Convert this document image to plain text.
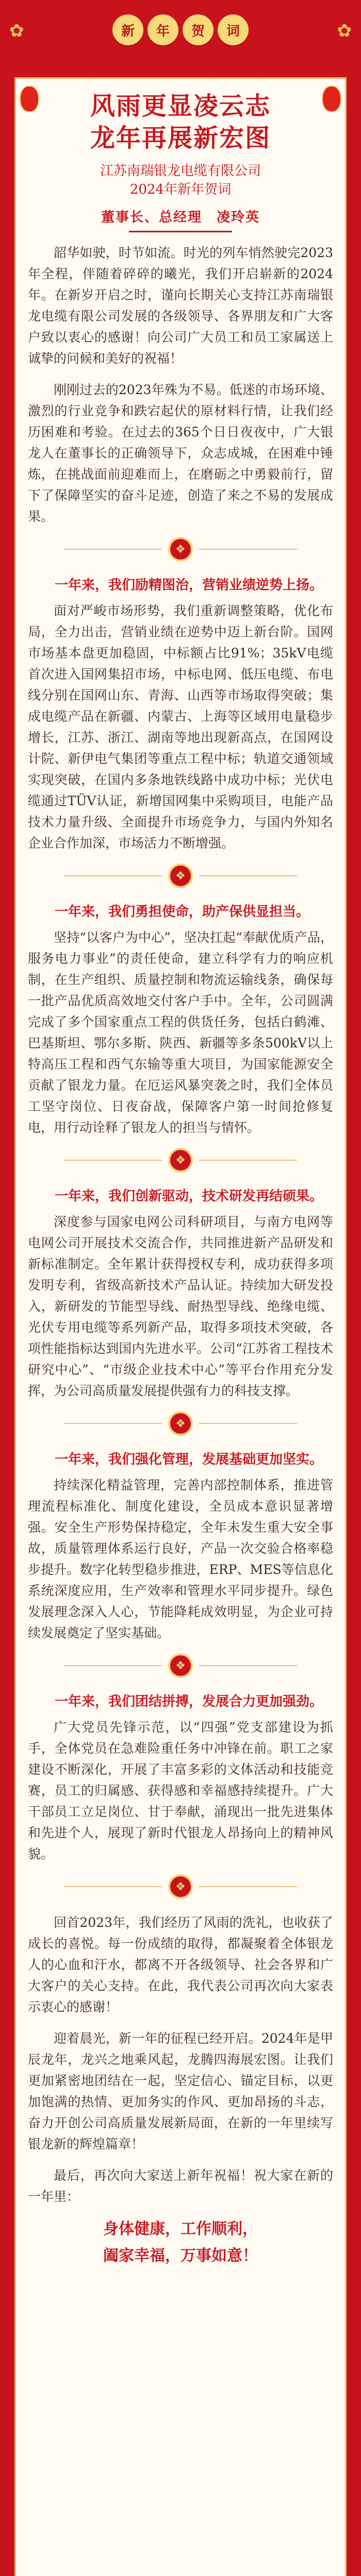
✿	✿
新	年	贺	词
风雨更显凌云志
龙年再展新宏图
江苏南瑞银龙电缆有限公司
2024年新年贺词
董事长、总经理　凌玲英

韶华如驶，时节如流。时光的列车悄然驶完2023年全程，伴随着碎碎的曦光，我们开启崭新的2024年。在新岁开启之时，谨向长期关心支持江苏南瑞银龙电缆有限公司发展的各级领导、各界朋友和广大客户致以衷心的感谢！向公司广大员工和员工家属送上诚挚的问候和美好的祝福！

刚刚过去的2023年殊为不易。低迷的市场环境、激烈的行业竞争和跌宕起伏的原材料行情，让我们经历困难和考验。在过去的365个日日夜夜中，广大银龙人在董事长的正确领导下，众志成城，在困难中锤炼，在挑战面前迎难而上，在磨砺之中勇毅前行，留下了保障坚实的奋斗足迹，创造了来之不易的发展成果。

❖
一年来，我们励精图治，营销业绩逆势上扬。

面对严峻市场形势，我们重新调整策略，优化布局，全力出击，营销业绩在逆势中迈上新台阶。国网市场基本盘更加稳固，中标额占比91%；35kV电缆首次进入国网集招市场，中标电网、低压电缆、布电线分别在国网山东、青海、山西等市场取得突破；集成电缆产品在新疆、内蒙古、上海等区域用电量稳步增长，江苏、浙江、湖南等地出现新高点，在国网设计院、新伊电气集团等重点工程中标；轨道交通领域实现突破，在国内多条地铁线路中成功中标；光伏电缆通过TÜV认证，新增国网集中采购项目，电能产品技术力量升级、全面提升市场竞争力，与国内外知名企业合作加深，市场活力不断增强。

❖
一年来，我们勇担使命，助产保供显担当。

坚持“以客户为中心”，坚决扛起“奉献优质产品，服务电力事业”的责任使命，建立科学有力的响应机制，在生产组织、质量控制和物流运输线条，确保每一批产品优质高效地交付客户手中。全年，公司圆满完成了多个国家重点工程的供货任务，包括白鹤滩、巴基斯坦、鄂尔多斯、陕西、新疆等多条500kV以上特高压工程和西气东输等重大项目，为国家能源安全贡献了银龙力量。在厄运风暴突袭之时，我们全体员工坚守岗位、日夜奋战，保障客户第一时间抢修复电，用行动诠释了银龙人的担当与情怀。

❖
一年来，我们创新驱动，技术研发再结硕果。

深度参与国家电网公司科研项目，与南方电网等电网公司开展技术交流合作，共同推进新产品研发和新标准制定。全年累计获得授权专利，成功获得多项发明专利，省级高新技术产品认证。持续加大研发投入，新研发的节能型导线、耐热型导线、绝缘电缆、光伏专用电缆等系列新产品，取得多项技术突破，各项性能指标达到国内先进水平。公司“江苏省工程技术研究中心”、“市级企业技术中心”等平台作用充分发挥，为公司高质量发展提供强有力的科技支撑。

❖
一年来，我们强化管理，发展基础更加坚实。

持续深化精益管理，完善内部控制体系，推进管理流程标准化、制度化建设，全员成本意识显著增强。安全生产形势保持稳定，全年未发生重大安全事故，质量管理体系运行良好，产品一次交验合格率稳步提升。数字化转型稳步推进，ERP、MES等信息化系统深度应用，生产效率和管理水平同步提升。绿色发展理念深入人心，节能降耗成效明显，为企业可持续发展奠定了坚实基础。

❖
一年来，我们团结拼搏，发展合力更加强劲。

广大党员先锋示范，以“四强”党支部建设为抓手，全体党员在急难险重任务中冲锋在前。职工之家建设不断深化，开展了丰富多彩的文体活动和技能竞赛，员工的归属感、获得感和幸福感持续提升。广大干部员工立足岗位、甘于奉献，涌现出一批先进集体和先进个人，展现了新时代银龙人昂扬向上的精神风貌。

❖

回首2023年，我们经历了风雨的洗礼，也收获了成长的喜悦。每一份成绩的取得，都凝聚着全体银龙人的心血和汗水，都离不开各级领导、社会各界和广大客户的关心支持。在此，我代表公司再次向大家表示衷心的感谢！

迎着晨光，新一年的征程已经开启。2024年是甲辰龙年，龙兴之地乘风起，龙腾四海展宏图。让我们更加紧密地团结在一起，坚定信心、锚定目标，以更加饱满的热情、更加务实的作风、更加昂扬的斗志，奋力开创公司高质量发展新局面，在新的一年里续写银龙新的辉煌篇章！

最后，再次向大家送上新年祝福！祝大家在新的一年里：

身体健康，工作顺利，
阖家幸福，万事如意！
